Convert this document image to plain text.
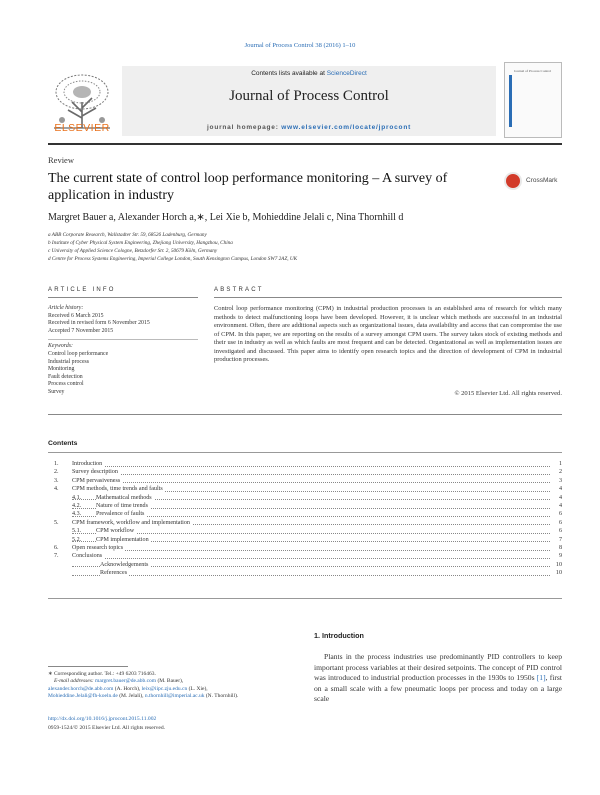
Journal of Process Control 38 (2016) 1–10
ELSEVIER
Contents lists available at ScienceDirect
Journal of Process Control
journal homepage: www.elsevier.com/locate/jprocont
Journal of Process Control
Review
The current state of control loop performance monitoring – A survey of application in industry
CrossMark
Margret Bauer a, Alexander Horch a,∗, Lei Xie b, Mohieddine Jelali c, Nina Thornhill d
a ABB Corporate Research, Wallstadter Str. 59, 68526 Ladenburg, Germany
b Institute of Cyber Physical System Engineering, Zhejiang University, Hangzhou, China
c University of Applied Science Cologne, Betzdorfer Str. 2, 50679 Köln, Germany
d Centre for Process Systems Engineering, Imperial College London, South Kensington Campus, London SW7 2AZ, UK
ARTICLE INFO	ABSTRACT
Article history:
Received 6 March 2015
Received in revised form 6 November 2015
Accepted 7 November 2015
Keywords:
Control loop performance
Industrial process
Monitoring
Fault detection
Process control
Survey
Control loop performance monitoring (CPM) in industrial production processes is an established area of research for which many methods to detect malfunctioning loops have been developed. However, it is unclear which methods are successful in an industrial environment. Often, there are additional aspects such as organizational issues, data availability and access that can compromise the use of CPM. In this paper, we are reporting on the results of a survey amongst CPM users. The survey takes stock of existing methods and their use in industry as well as which faults are most frequent and can be detected. Organizational as well as implementation issues are investigated and discussed. This paper aims to identify open research topics and the direction of development of CPM in industrial production processes.
© 2015 Elsevier Ltd. All rights reserved.
Contents
1. Introduction	1
2. Survey description	2
3. CPM pervasiveness	3
4. CPM methods, time trends and faults	4
4.1. Mathematical methods	4
4.2. Nature of time trends	4
4.3. Prevalence of faults	6
5. CPM framework, workflow and implementation	6
5.1. CPM workflow	6
5.2. CPM implementation	7
6. Open research topics	8
7. Conclusions	9
Acknowledgements	10
References	10
1. Introduction
Plants in the process industries use predominantly PID controllers to keep important process variables at their desired setpoints. The concept of PID control was introduced to industrial production processes in the 1930s to 1950s [1], first on a small scale with a few pneumatic loops per process and today on a large scale
∗ Corresponding author. Tel.: +49 6203 716463.
E-mail addresses: margret.bauer@de.abb.com (M. Bauer),
alexander.horch@de.abb.com (A. Horch), leix@iipc.zju.edu.cn (L. Xie),
Mohieddine.Jelali@fh-koeln.de (M. Jelali), n.thornhill@imperial.ac.uk (N. Thornhill).
http://dx.doi.org/10.1016/j.jprocont.2015.11.002
0959-1524/© 2015 Elsevier Ltd. All rights reserved.
